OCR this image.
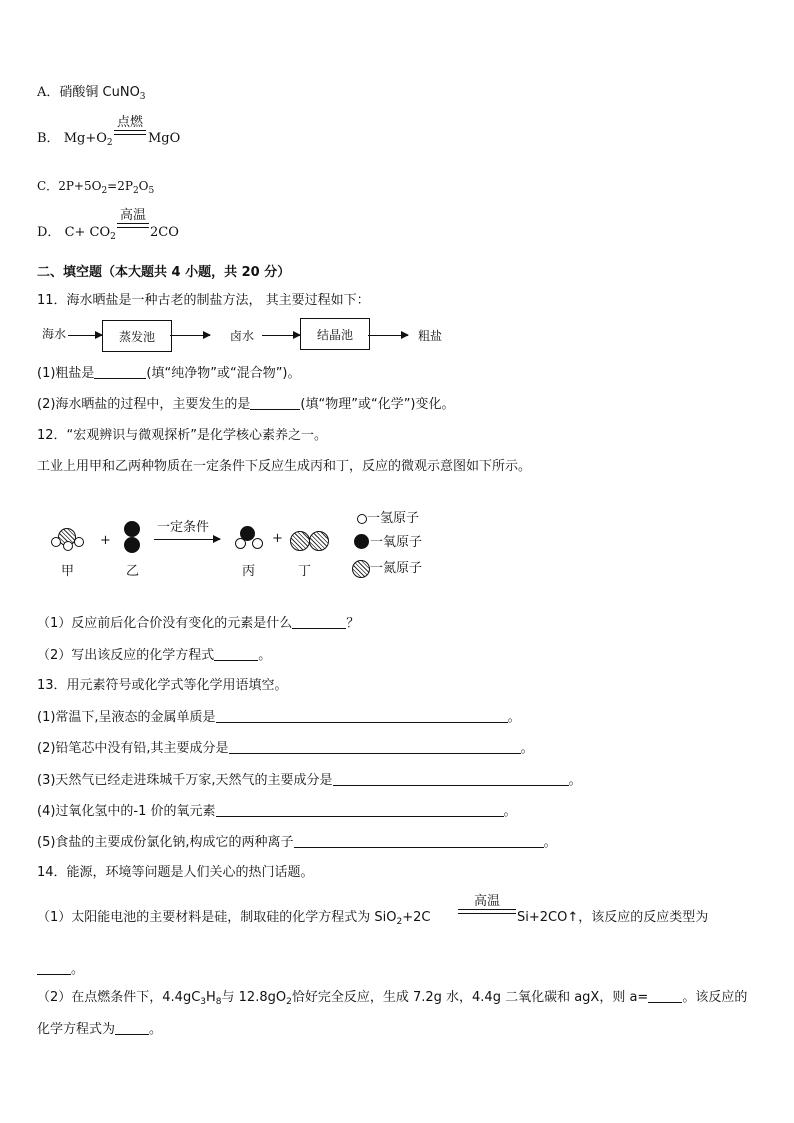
A．硝酸铜 CuNO$_3$
B． $Mg+O_2$
点燃
MgO
C．$2P+5O_2=2P_2O_5$
D． $C+ CO_2$
高温
2CO
二、填空题（本大题共 4 小题，共 20 分）
11．海水晒盐是一种古老的制盐方法， 其主要过程如下：
海水	蒸发池	卤水	结晶池	粗盐
(1)粗盐是	(填“纯净物”或“混合物”)。
(2)海水晒盐的过程中，主要发生的是	(填“物理”或“化学”)变化。
12．“宏观辨识与微观探析”是化学核心素养之一。
工业上用甲和乙两种物质在一定条件下反应生成丙和丁，反应的微观示意图如下所示。
+
一定条件
+
甲	乙	丙	丁
一氢原子
一氧原子
一氮原子
（1）反应前后化合价没有变化的元素是什么	？
（2）写出该反应的化学方程式	。
13．用元素符号或化学式等化学用语填空。
(1)常温下,呈液态的金属单质是	。
(2)铅笔芯中没有铅,其主要成分是	。
(3)天然气已经走进珠城千万家,天然气的主要成分是	。
(4)过氧化氢中的-1 价的氧元素	。
(5)食盐的主要成份氯化钠,构成它的两种离子	。
14．能源，环境等问题是人们关心的热门话题。
（1）太阳能电池的主要材料是硅，制取硅的化学方程式为 SiO$_2$+2C
高温
Si+2CO↑，该反应的反应类型为
。
（2）在点燃条件下，$4.4gC_3H_8$与 $12.8gO_2$恰好完全反应，生成 7.2g 水，4.4g 二氧化碳和 agX，则 a=	。该反应的
化学方程式为	。
